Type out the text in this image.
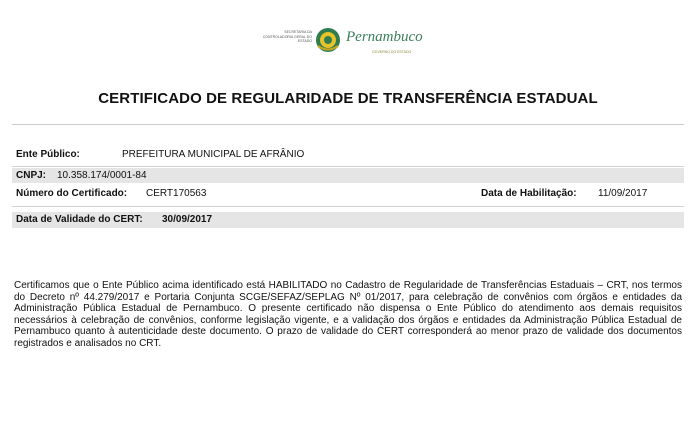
SECRETARIA DA CONTROLADORIA GERAL DO ESTADO Pernambuco
GOVERNO DO ESTADO
CERTIFICADO DE REGULARIDADE DE TRANSFERÊNCIA ESTADUAL
Ente Público:	PREFEITURA MUNICIPAL DE AFRÂNIO
CNPJ: 10.358.174/0001-84
Número do Certificado: CERT170563	Data de Habilitação: 11/09/2017
Data de Validade do CERT: 30/09/2017
Certificamos que o Ente Público acima identificado está HABILITADO no Cadastro de Regularidade de Transferências Estaduais – CRT, nos termos do Decreto nº 44.279/2017 e Portaria Conjunta SCGE/SEFAZ/SEPLAG Nº 01/2017, para celebração de convênios com órgãos e entidades da Administração Pública Estadual de Pernambuco. O presente certificado não dispensa o Ente Público do atendimento aos demais requisitos necessários à celebração de convênios, conforme legislação vigente, e a validação dos órgãos e entidades da Administração Pública Estadual de Pernambuco quanto à autenticidade deste documento. O prazo de validade do CERT corresponderá ao menor prazo de validade dos documentos registrados e analisados no CRT.
